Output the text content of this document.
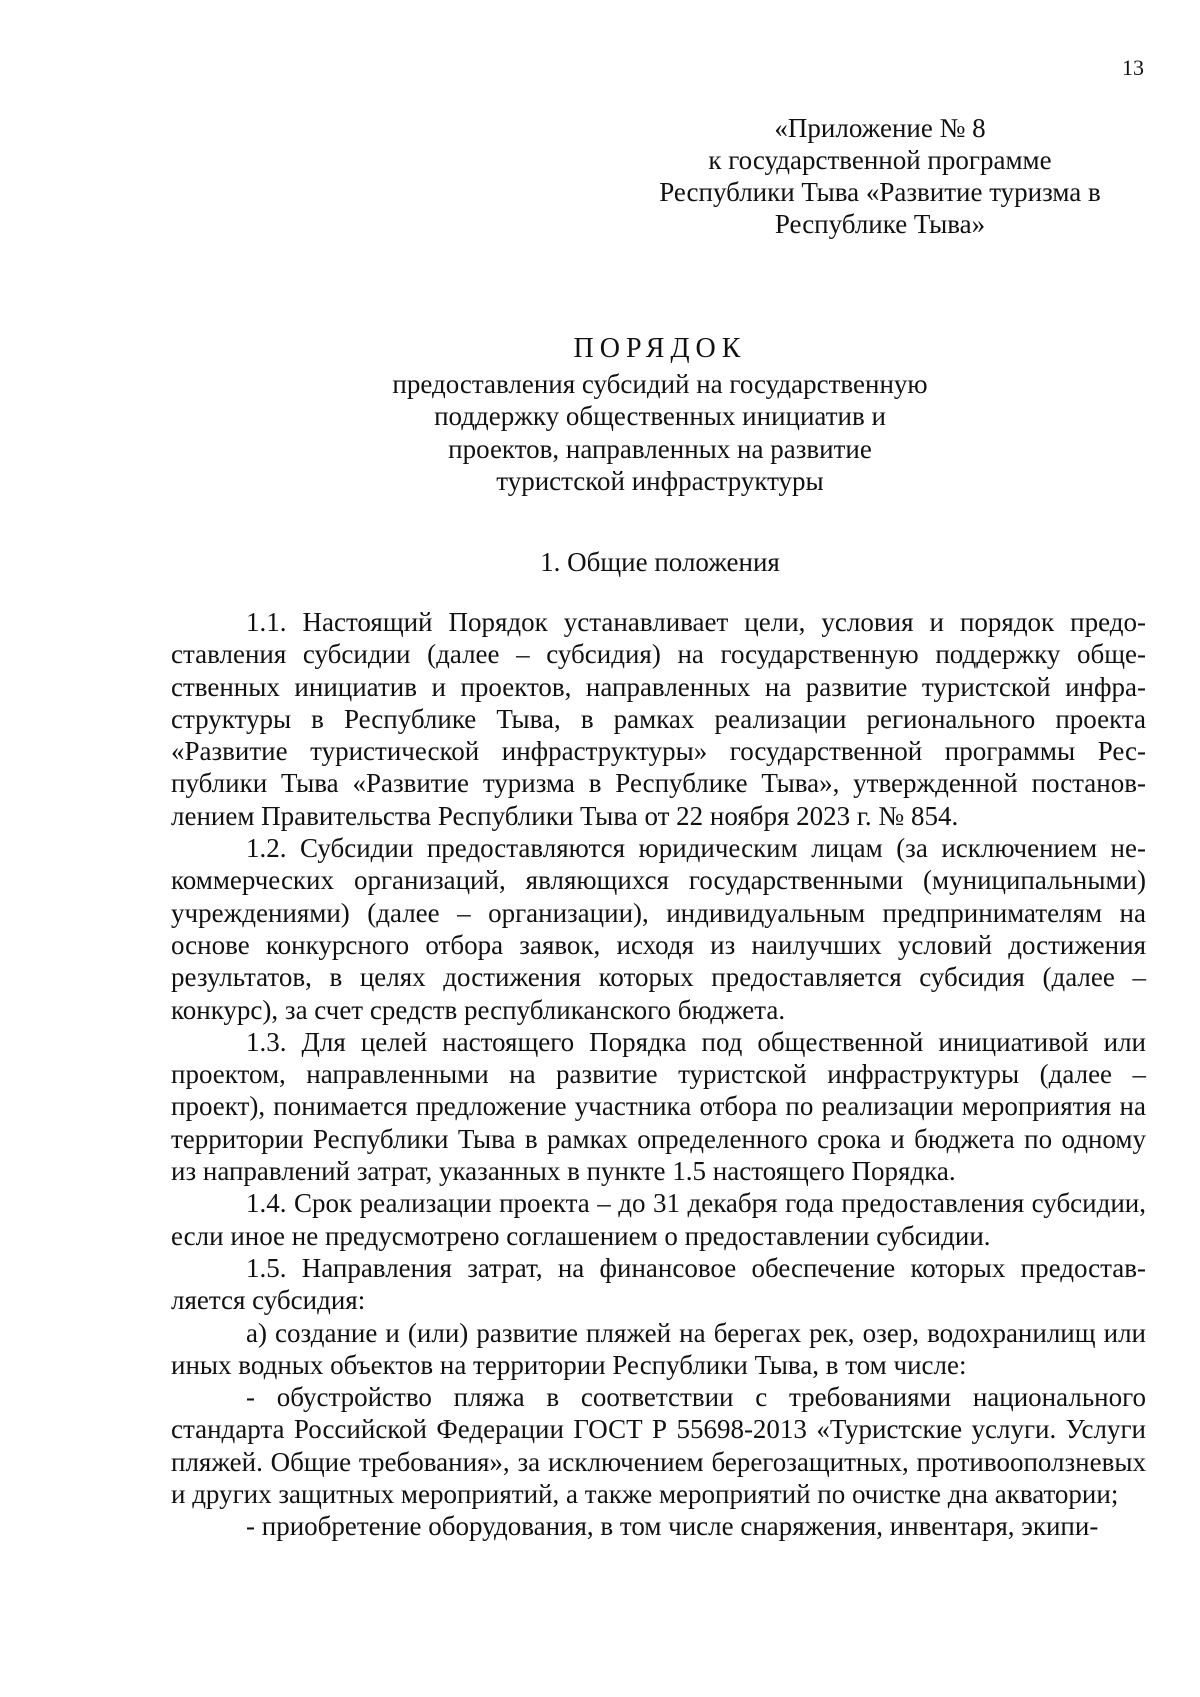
13
«Приложение № 8
к государственной программе
Республики Тыва «Развитие туризма в
Республике Тыва»
ПОРЯДОК
предоставления субсидий на государственную
поддержку общественных инициатив и
проектов, направленных на развитие
туристской инфраструктуры
1. Общие положения

1.1. Настоящий Порядок устанавливает цели, условия и порядок предоставления субсидии (далее – субсидия) на государственную поддержку общественных инициатив и проектов, направленных на развитие туристской инфраструктуры в Республике Тыва, в рамках реализации регионального проекта «Развитие туристической инфраструктуры» государственной программы Республики Тыва «Развитие туризма в Республике Тыва», утвержденной постановлением Правительства Республики Тыва от 22 ноября 2023 г. № 854.

1.2. Субсидии предоставляются юридическим лицам (за исключением некоммерческих организаций, являющихся государственными (муниципальными) учреждениями) (далее – организации), индивидуальным предпринимателям на основе конкурсного отбора заявок, исходя из наилучших условий достижения результатов, в целях достижения которых предоставляется субсидия (далее – конкурс), за счет средств республиканского бюджета.

1.3. Для целей настоящего Порядка под общественной инициативой или проектом, направленными на развитие туристской инфраструктуры (далее – проект), понимается предложение участника отбора по реализации мероприятия на территории Республики Тыва в рамках определенного срока и бюджета по одному из направлений затрат, указанных в пункте 1.5 настоящего Порядка.

1.4. Срок реализации проекта – до 31 декабря года предоставления субсидии, если иное не предусмотрено соглашением о предоставлении субсидии.

1.5. Направления затрат, на финансовое обеспечение которых предоставляется субсидия:

а) создание и (или) развитие пляжей на берегах рек, озер, водохранилищ или иных водных объектов на территории Республики Тыва, в том числе:

- обустройство пляжа в соответствии с требованиями национального стандарта Российской Федерации ГОСТ Р 55698-2013 «Туристские услуги. Услуги пляжей. Общие требования», за исключением берегозащитных, противооползневых и других защитных мероприятий, а также мероприятий по очистке дна акватории;

- приобретение оборудования, в том числе снаряжения, инвентаря, экипи-
